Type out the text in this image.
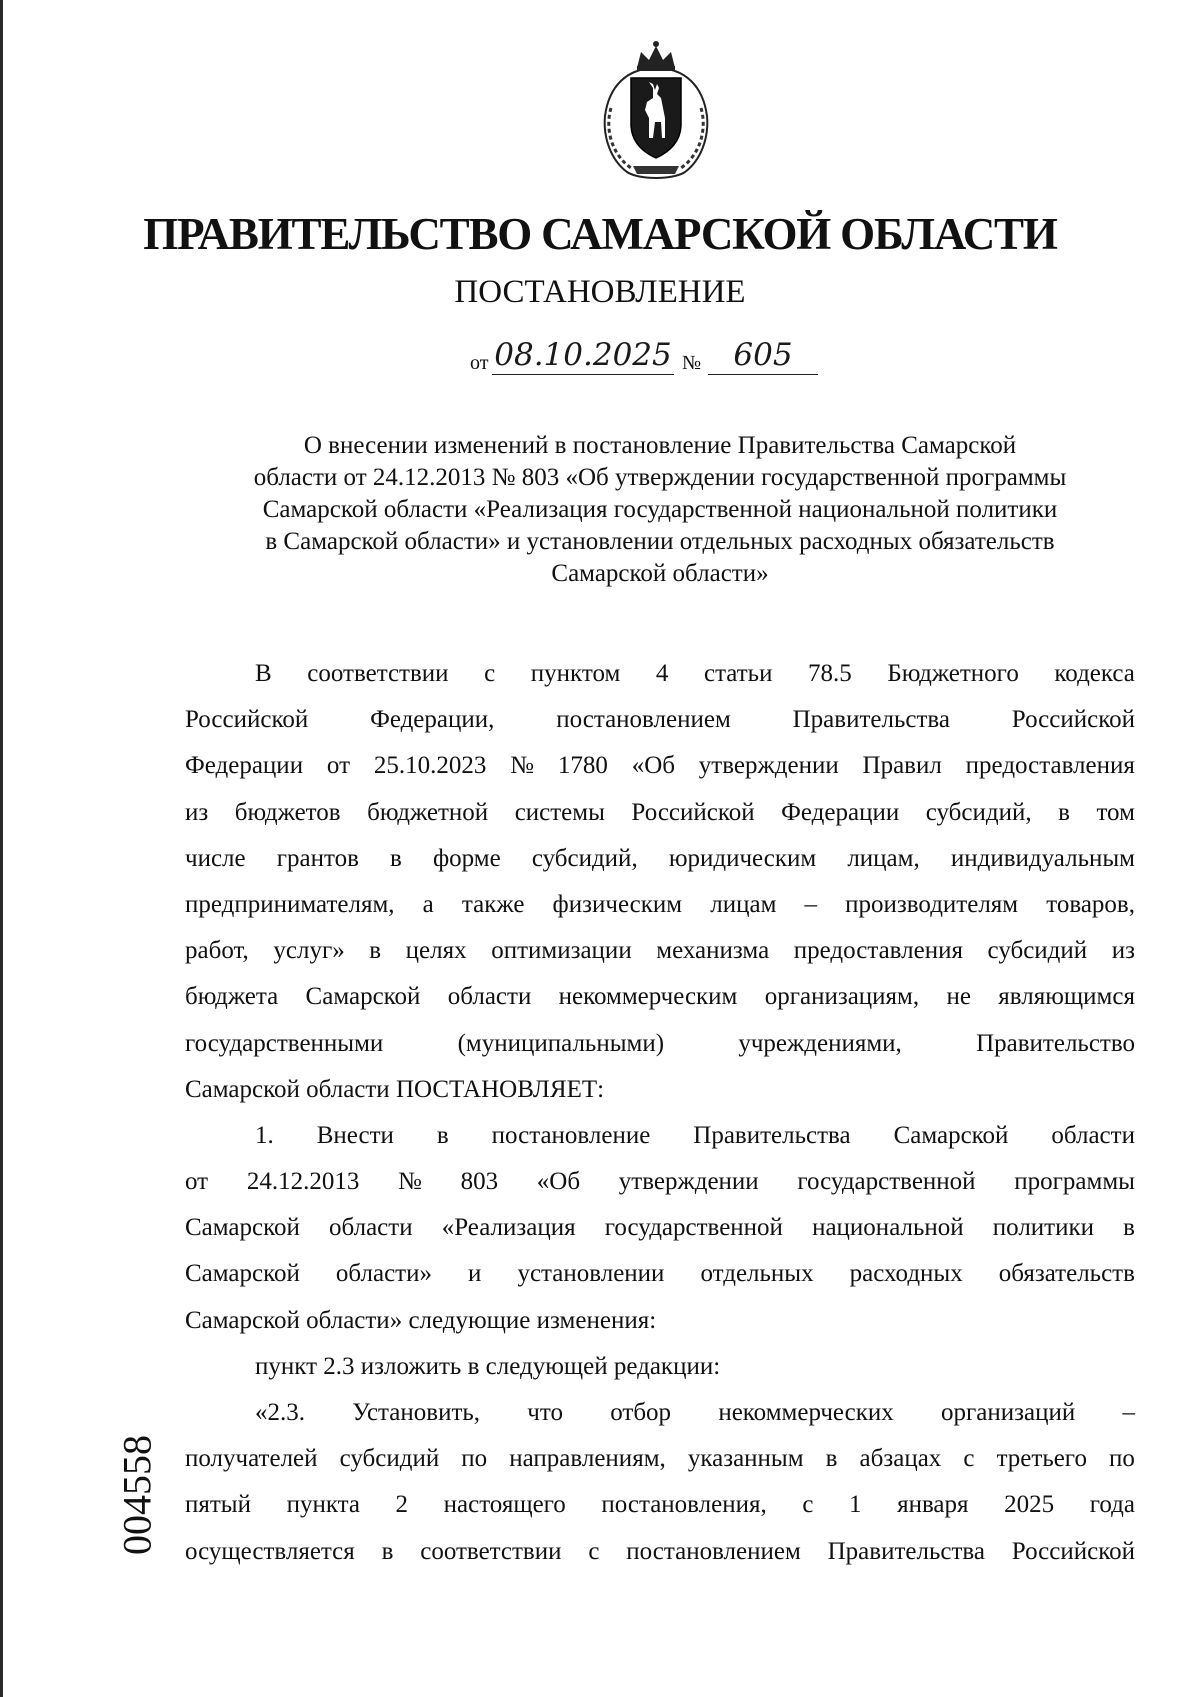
ПРАВИТЕЛЬСТВО САМАРСКОЙ ОБЛАСТИ
ПОСТАНОВЛЕНИЕ
от 08.10.2025 №	605
О внесении изменений в постановление Правительства Самарской
области от 24.12.2013 № 803 «Об утверждении государственной программы
Самарской области «Реализация государственной национальной политики
в Самарской области» и установлении отдельных расходных обязательств
Самарской области»
В соответствии с пунктом 4 статьи 78.5 Бюджетного кодекса
Российской Федерации, постановлением Правительства Российской
Федерации от 25.10.2023 № 1780 «Об утверждении Правил предоставления
из бюджетов бюджетной системы Российской Федерации субсидий, в том
числе грантов в форме субсидий, юридическим лицам, индивидуальным
предпринимателям, а также физическим лицам – производителям товаров,
работ, услуг» в целях оптимизации механизма предоставления субсидий из
бюджета Самарской области некоммерческим организациям, не являющимся
государственными	(муниципальными)	учреждениями,	Правительство
Самарской области ПОСТАНОВЛЯЕТ:
1. Внести в постановление Правительства Самарской области
от 24.12.2013 № 803 «Об утверждении государственной программы
Самарской области «Реализация государственной национальной политики в
Самарской области» и установлении отдельных расходных обязательств
Самарской области» следующие изменения:
пункт 2.3 изложить в следующей редакции:
«2.3. Установить, что отбор некоммерческих организаций –
получателей субсидий по направлениям, указанным в абзацах с третьего по
пятый пункта 2 настоящего постановления, с 1 января 2025 года
осуществляется в соответствии с постановлением Правительства Российской
004558
